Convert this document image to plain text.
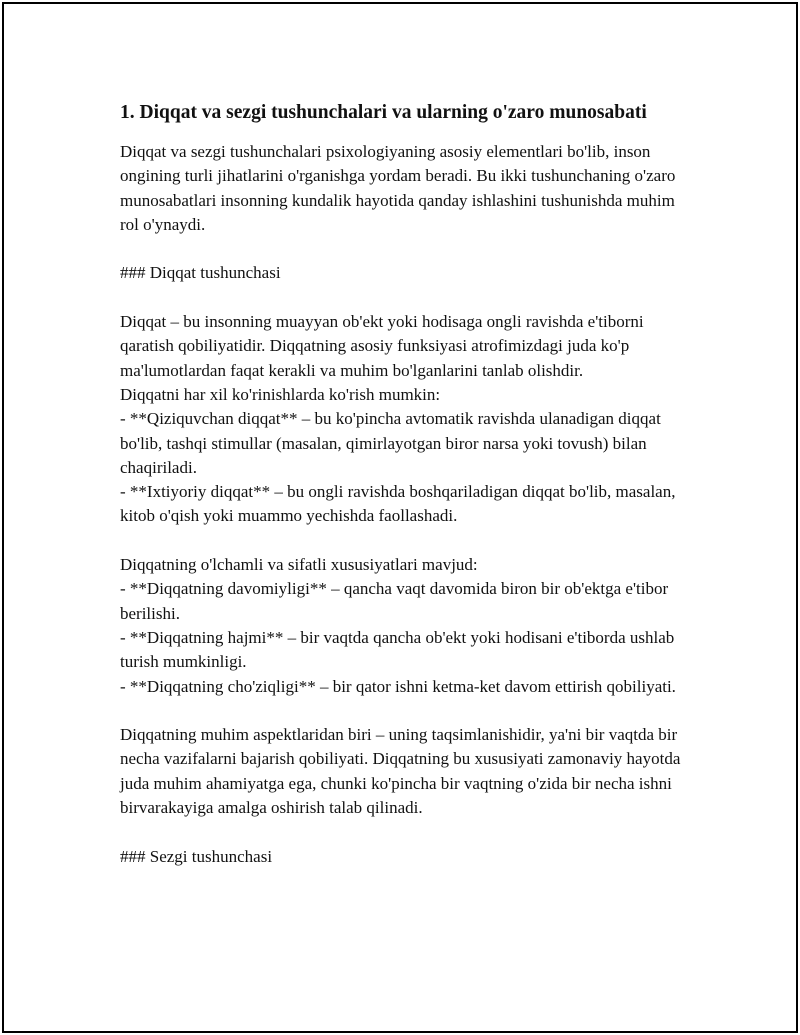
1. Diqqat va sezgi tushunchalari va ularning o'zaro munosabati

Diqqat va sezgi tushunchalari psixologiyaning asosiy elementlari bo'lib, inson ongining turli jihatlarini o'rganishga yordam beradi. Bu ikki tushunchaning o'zaro munosabatlari insonning kundalik hayotida qanday ishlashini tushunishda muhim rol o'ynaydi.

### Diqqat tushunchasi

Diqqat – bu insonning muayyan ob'ekt yoki hodisaga ongli ravishda e'tiborni qaratish qobiliyatidir. Diqqatning asosiy funksiyasi atrofimizdagi juda ko'p ma'lumotlardan faqat kerakli va muhim bo'lganlarini tanlab olishdir.
Diqqatni har xil ko'rinishlarda ko'rish mumkin:
- **Qiziquvchan diqqat** – bu ko'pincha avtomatik ravishda ulanadigan diqqat bo'lib, tashqi stimullar (masalan, qimirlayotgan biror narsa yoki tovush) bilan chaqiriladi.
- **Ixtiyoriy diqqat** – bu ongli ravishda boshqariladigan diqqat bo'lib, masalan, kitob o'qish yoki muammo yechishda faollashadi.

Diqqatning o'lchamli va sifatli xususiyatlari mavjud:
- **Diqqatning davomiyligi** – qancha vaqt davomida biron bir ob'ektga e'tibor berilishi.
- **Diqqatning hajmi** – bir vaqtda qancha ob'ekt yoki hodisani e'tiborda ushlab turish mumkinligi.
- **Diqqatning cho'ziqligi** – bir qator ishni ketma-ket davom ettirish qobiliyati.

Diqqatning muhim aspektlaridan biri – uning taqsimlanishidir, ya'ni bir vaqtda bir necha vazifalarni bajarish qobiliyati. Diqqatning bu xususiyati zamonaviy hayotda juda muhim ahamiyatga ega, chunki ko'pincha bir vaqtning o'zida bir necha ishni birvarakayiga amalga oshirish talab qilinadi.

### Sezgi tushunchasi
